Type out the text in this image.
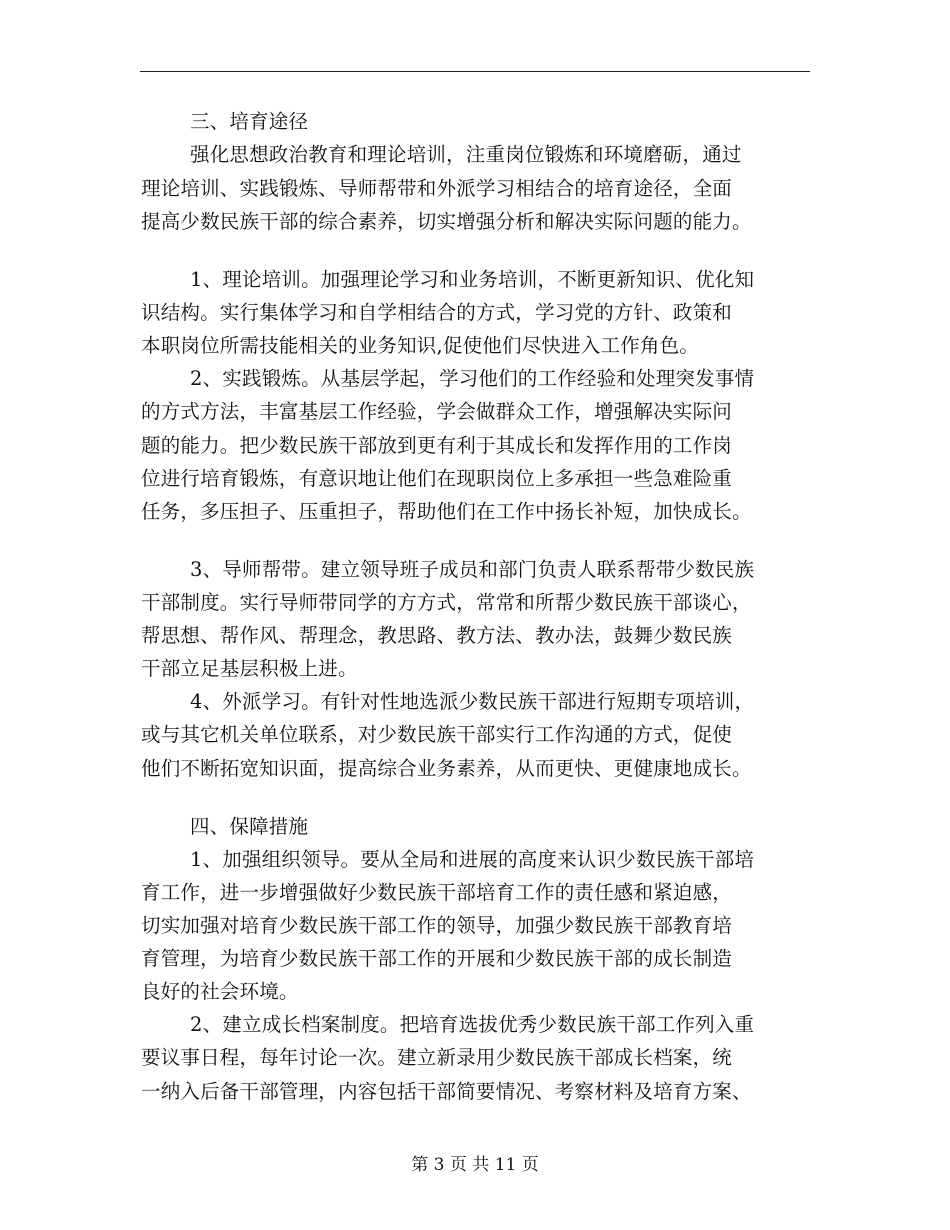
三、培育途径
强化思想政治教育和理论培训，注重岗位锻炼和环境磨砺，通过
理论培训、实践锻炼、导师帮带和外派学习相结合的培育途径，全面
提高少数民族干部的综合素养，切实增强分析和解决实际问题的能力。
1、理论培训。加强理论学习和业务培训，不断更新知识、优化知
识结构。实行集体学习和自学相结合的方式，学习党的方针、政策和
本职岗位所需技能相关的业务知识,促使他们尽快进入工作角色。
2、实践锻炼。从基层学起，学习他们的工作经验和处理突发事情
的方式方法，丰富基层工作经验，学会做群众工作，增强解决实际问
题的能力。把少数民族干部放到更有利于其成长和发挥作用的工作岗
位进行培育锻炼，有意识地让他们在现职岗位上多承担一些急难险重
任务，多压担子、压重担子，帮助他们在工作中扬长补短，加快成长。
3、导师帮带。建立领导班子成员和部门负责人联系帮带少数民族
干部制度。实行导师带同学的方方式，常常和所帮少数民族干部谈心，
帮思想、帮作风、帮理念，教思路、教方法、教办法，鼓舞少数民族
干部立足基层积极上进。
4、外派学习。有针对性地选派少数民族干部进行短期专项培训，
或与其它机关单位联系，对少数民族干部实行工作沟通的方式，促使
他们不断拓宽知识面，提高综合业务素养，从而更快、更健康地成长。
四、保障措施
1、加强组织领导。要从全局和进展的高度来认识少数民族干部培
育工作，进一步增强做好少数民族干部培育工作的责任感和紧迫感，
切实加强对培育少数民族干部工作的领导，加强少数民族干部教育培
育管理，为培育少数民族干部工作的开展和少数民族干部的成长制造
良好的社会环境。
2、建立成长档案制度。把培育选拔优秀少数民族干部工作列入重
要议事日程，每年讨论一次。建立新录用少数民族干部成长档案，统
一纳入后备干部管理，内容包括干部简要情况、考察材料及培育方案、
第 3 页 共 11 页
